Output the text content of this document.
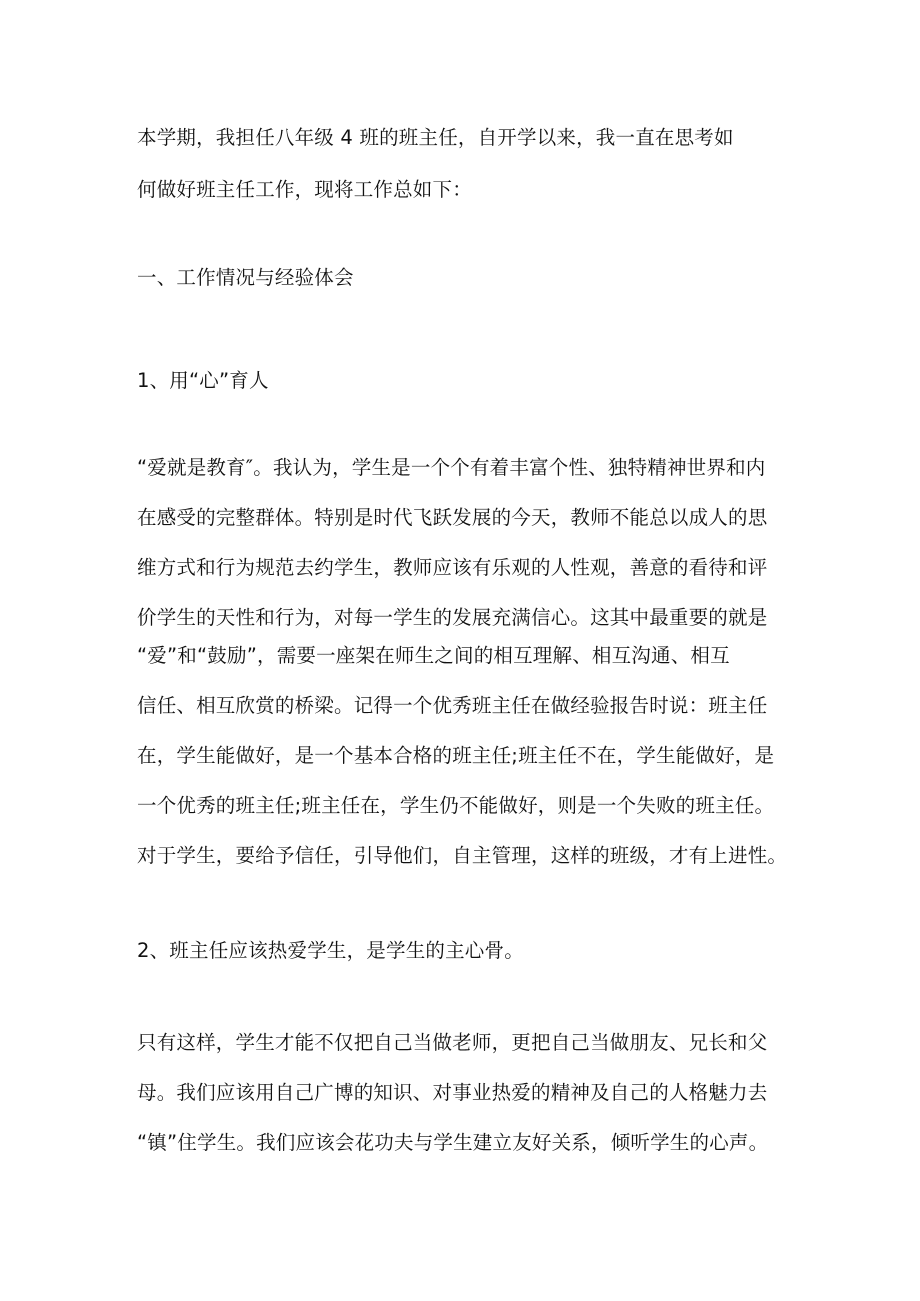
本学期，我担任八年级 4 班的班主任，自开学以来，我一直在思考如
何做好班主任工作，现将工作总如下：
一、工作情况与经验体会
1、用“心”育人
“爱就是教育″。我认为，学生是一个个有着丰富个性、独特精神世界和内
在感受的完整群体。特别是时代飞跃发展的今天，教师不能总以成人的思
维方式和行为规范去约学生，教师应该有乐观的人性观，善意的看待和评
价学生的天性和行为，对每一学生的发展充满信心。这其中最重要的就是
“爱”和“鼓励”，需要一座架在师生之间的相互理解、相互沟通、相互
信任、相互欣赏的桥梁。记得一个优秀班主任在做经验报告时说：班主任
在，学生能做好，是一个基本合格的班主任;班主任不在，学生能做好，是
一个优秀的班主任;班主任在，学生仍不能做好，则是一个失败的班主任。
对于学生，要给予信任，引导他们，自主管理，这样的班级，才有上进性。
2、班主任应该热爱学生，是学生的主心骨。
只有这样，学生才能不仅把自己当做老师，更把自己当做朋友、兄长和父
母。我们应该用自己广博的知识、对事业热爱的精神及自己的人格魅力去
“镇”住学生。我们应该会花功夫与学生建立友好关系，倾听学生的心声。
